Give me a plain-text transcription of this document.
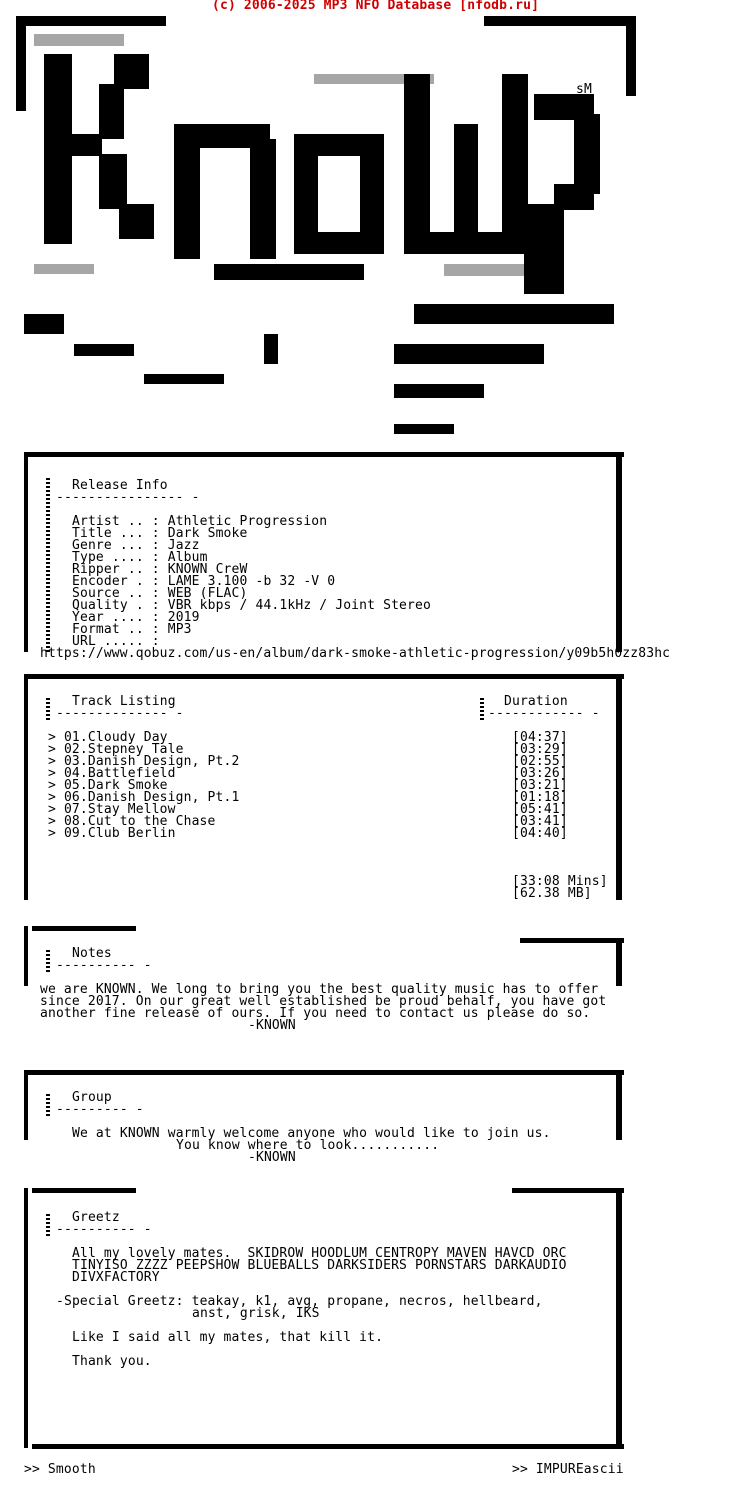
(c) 2006-2025 MP3 NFO Database [nfodb.ru]
sM
Release Info
---------------- -
Artist .. : Athletic Progression
Title ... : Dark Smoke
Genre ... : Jazz
Type .... : Album
Ripper .. : KNOWN CreW
Encoder . : LAME 3.100 -b 32 -V 0
Source .. : WEB (FLAC)
Quality . : VBR kbps / 44.1kHz / Joint Stereo
Year .... : 2019
Format .. : MP3
URL ..... :
https://www.qobuz.com/us-en/album/dark-smoke-athletic-progression/y09b5h0zz83hc
Track Listing
-------------- -
Duration
------------ -
> 01.Cloudy Day	[04:37]
> 02.Stepney Tale	[03:29]
> 03.Danish Design, Pt.2	[02:55]
> 04.Battlefield	[03:26]
> 05.Dark Smoke	[03:21]
> 06.Danish Design, Pt.1	[01:18]
> 07.Stay Mellow	[05:41]
> 08.Cut to the Chase	[03:41]
> 09.Club Berlin	[04:40]
[33:08 Mins]
[62.38 MB]
Notes
---------- -
we are KNOWN. We long to bring you the best quality music has to offer
since 2017. On our great well established be proud behalf, you have got
another fine release of ours. If you need to contact us please do so.
-KNOWN
Group
--------- -
We at KNOWN warmly welcome anyone who would like to join us.
You know where to look...........
-KNOWN
Greetz
---------- -
All my lovely mates.  SKIDROW HOODLUM CENTROPY MAVEN HAVCD ORC
TINYISO ZZZZ PEEPSHOW BLUEBALLS DARKSIDERS PORNSTARS DARKAUDIO
DIVXFACTORY
-Special Greetz: teakay, k1, avg, propane, necros, hellbeard,
anst, grisk, IKS
Like I said all my mates, that kill it.
Thank you.
>> Smooth	>> IMPUREascii
